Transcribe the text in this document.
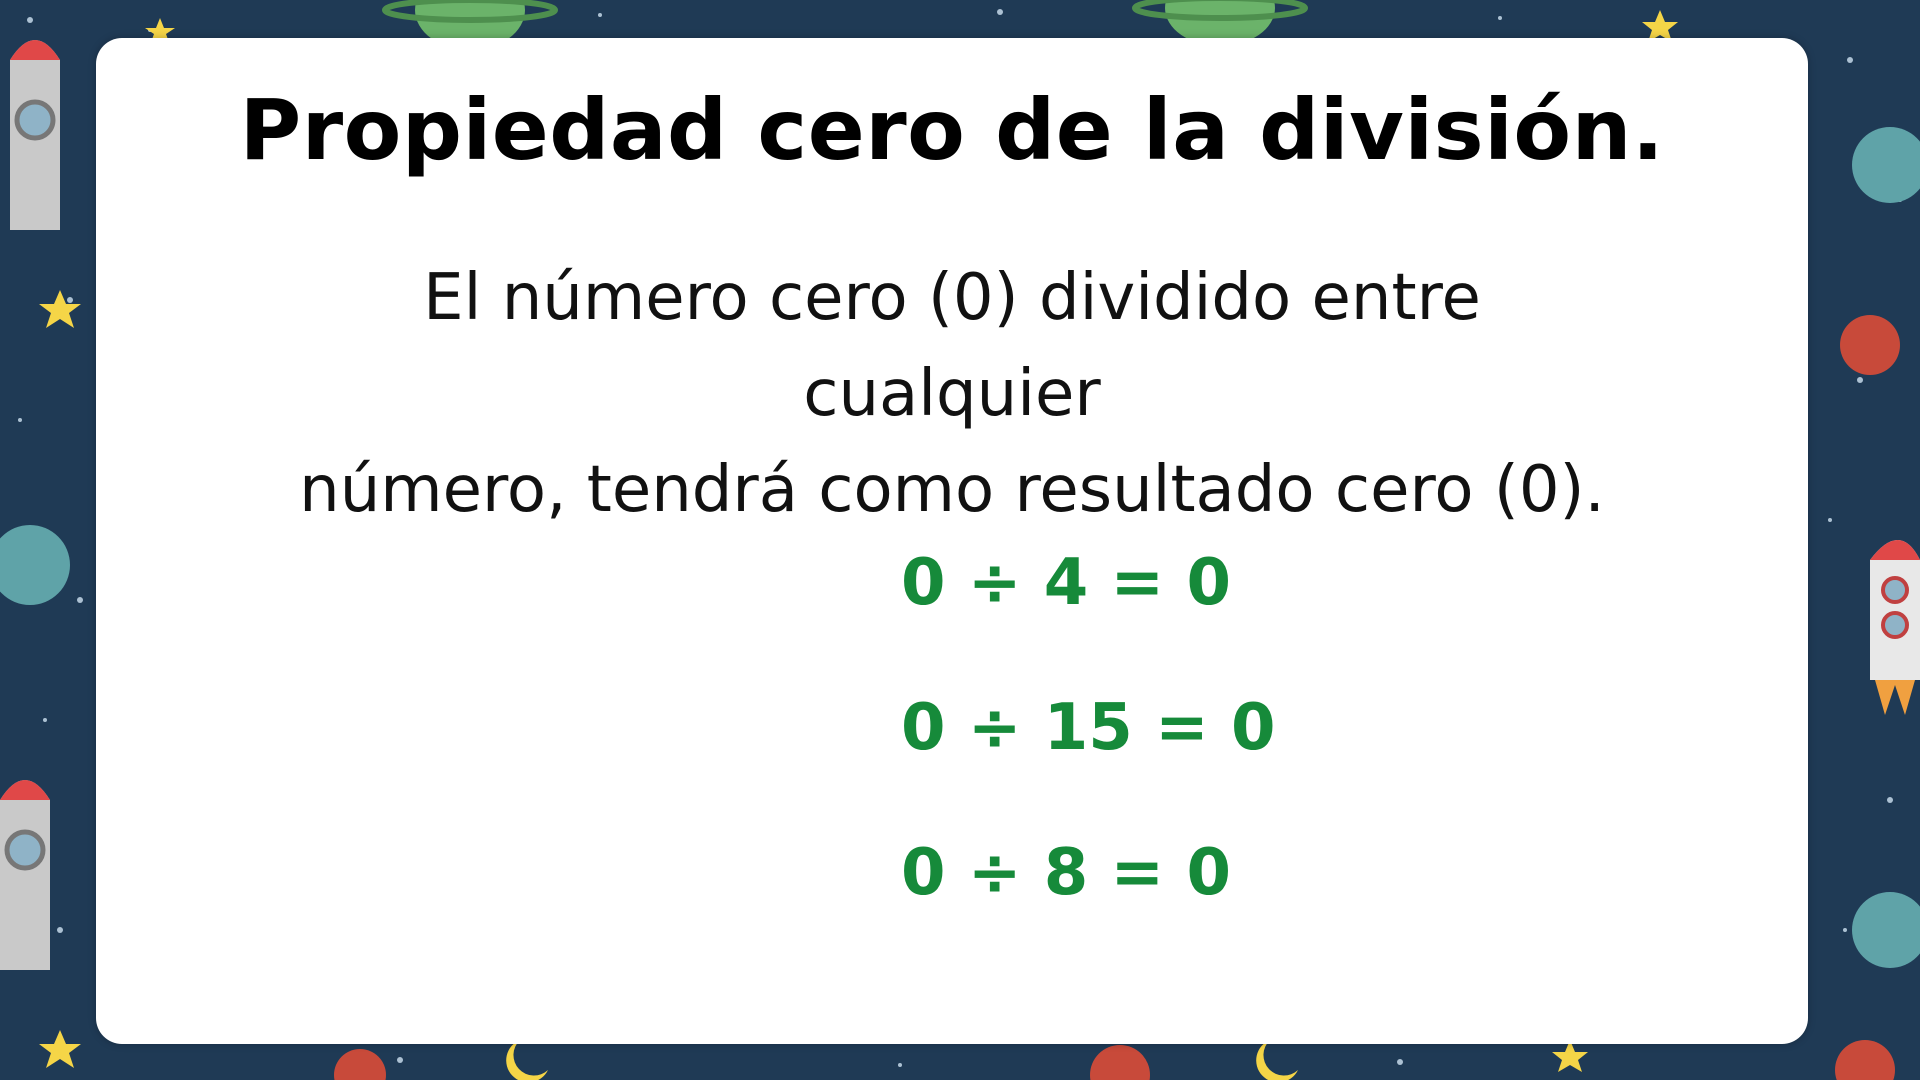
Propiedad cero de la división.
El número cero (0) dividido entre cualquier
número, tendrá como resultado cero (0).
0 ÷ 4 = 0
0 ÷ 15 = 0
0 ÷ 8 = 0
